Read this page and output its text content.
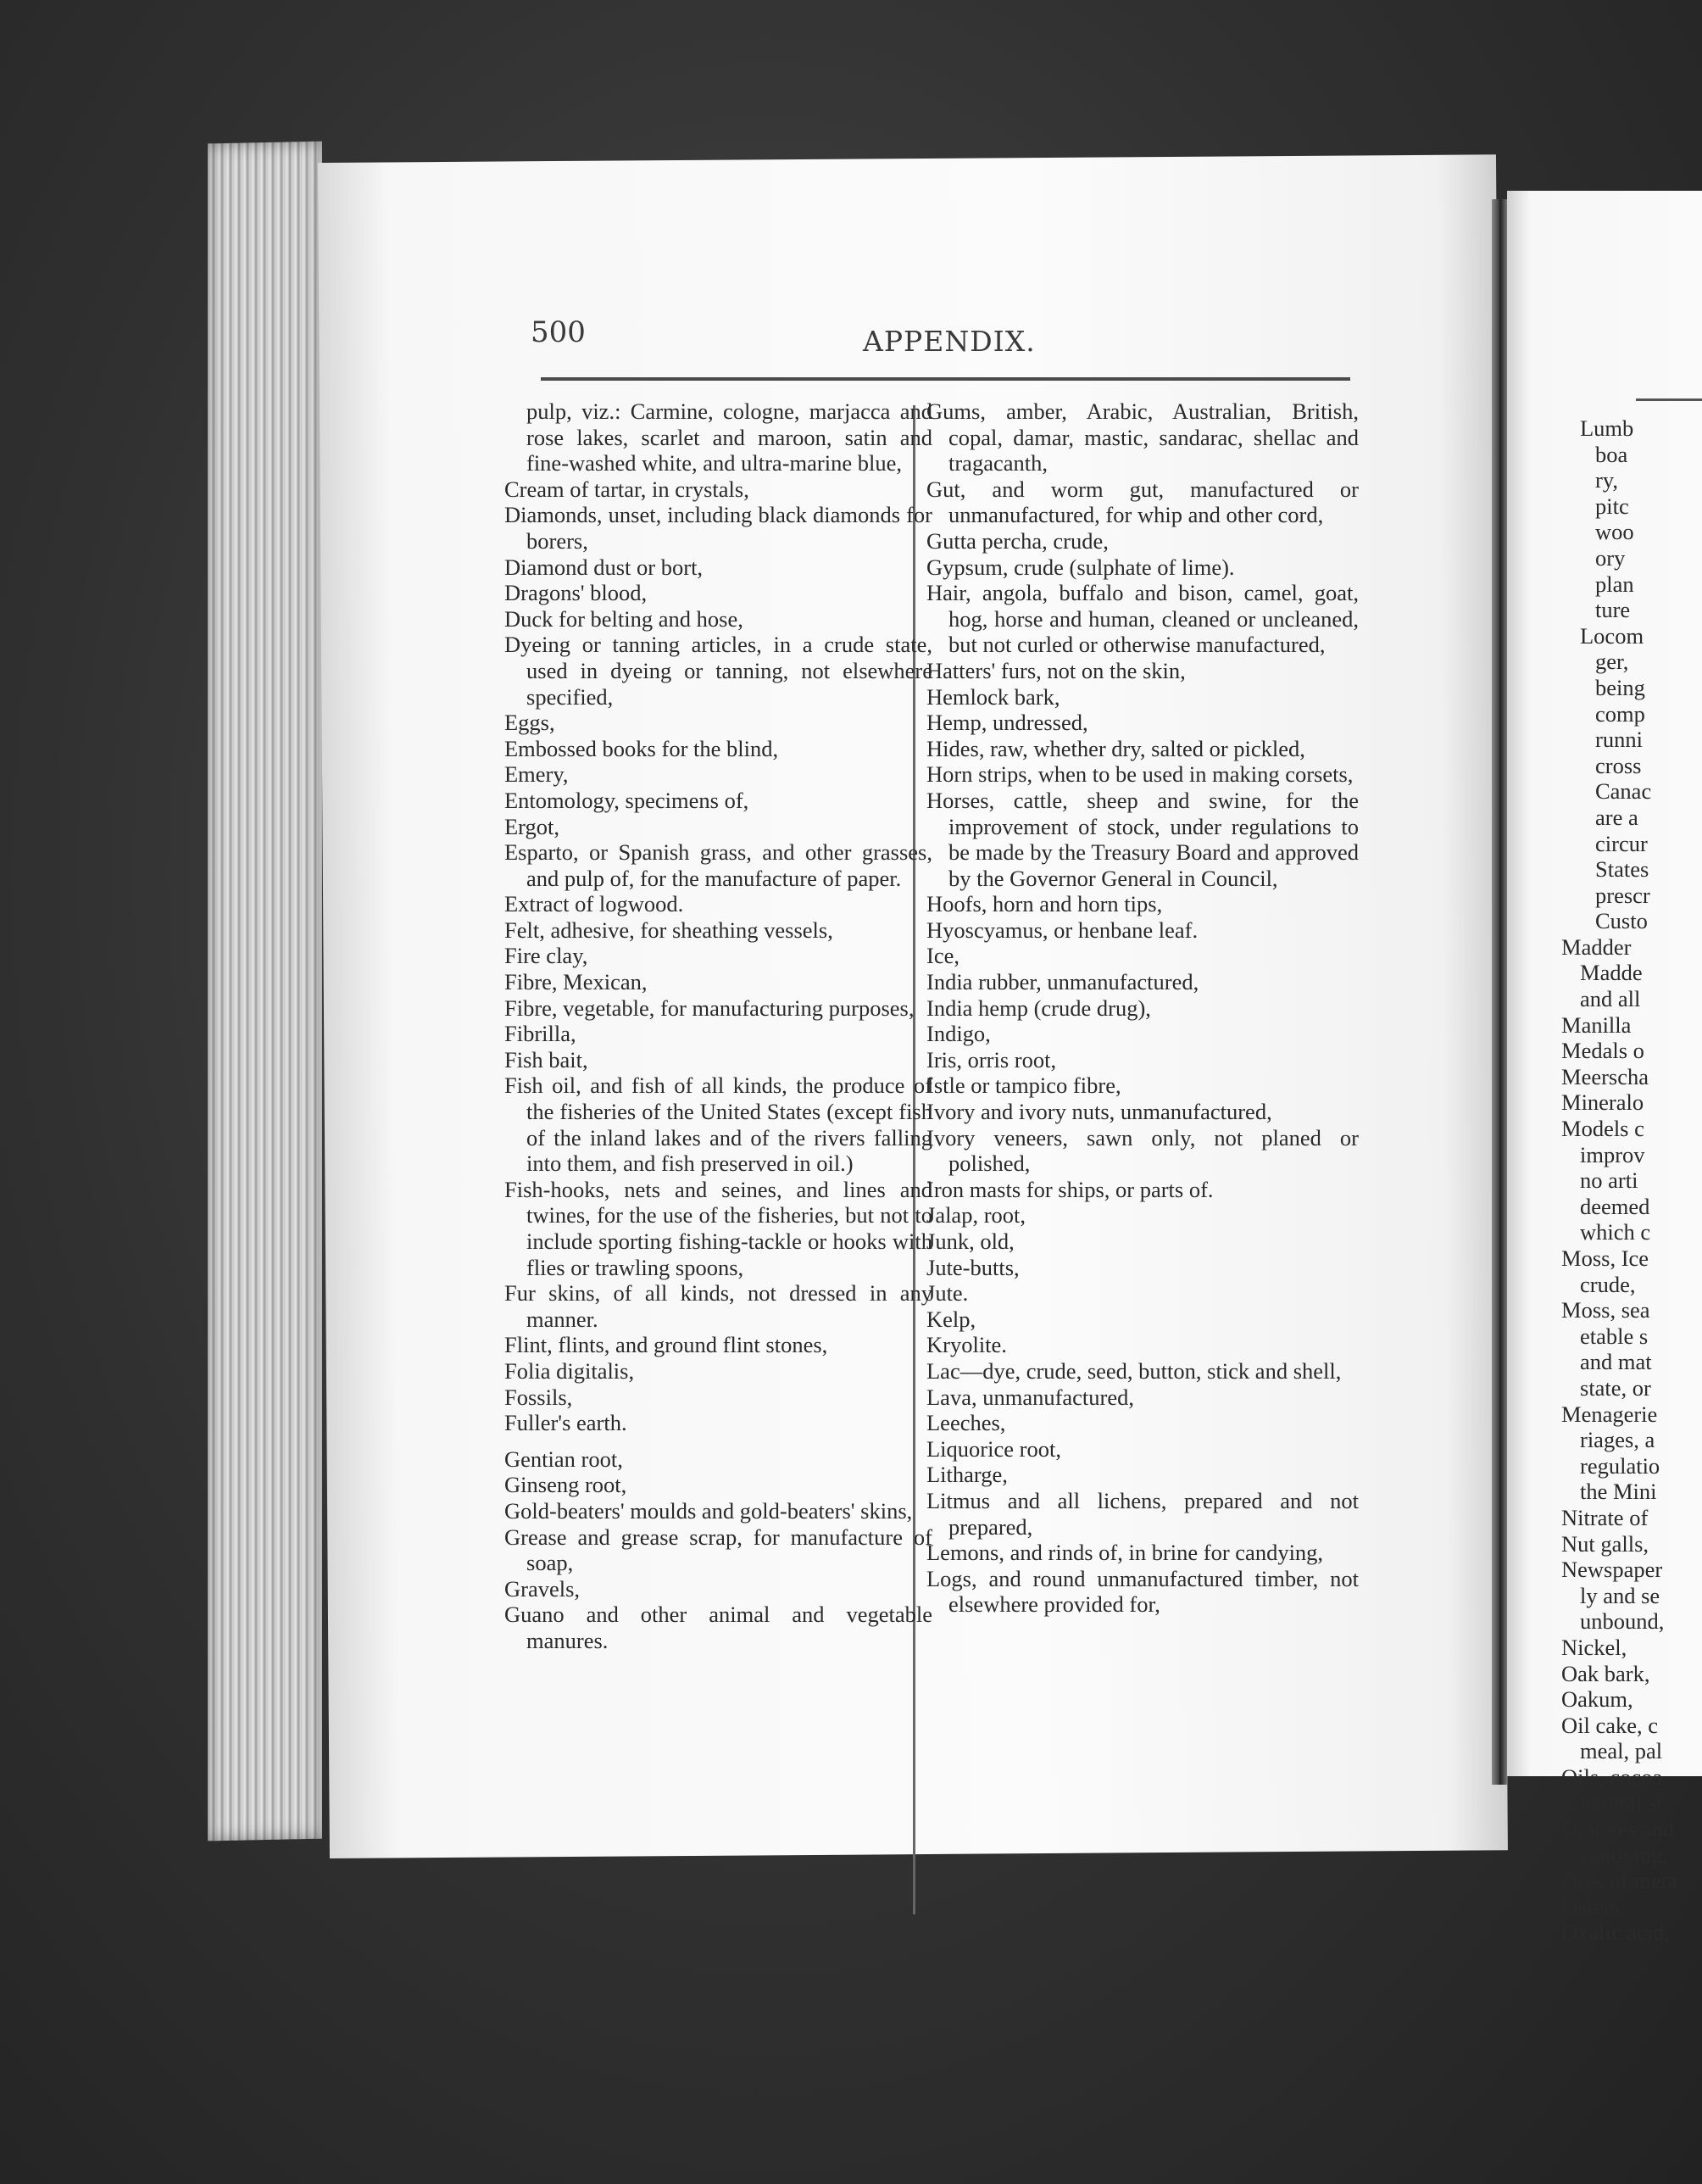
500	APPENDIX.

pulp, viz.: Carmine, cologne, marjacca and rose lakes, scarlet and maroon, satin and fine-washed white, and ultra-marine blue,

Cream of tartar, in crystals,

Diamonds, unset, including black diamonds for borers,

Diamond dust or bort,

Dragons' blood,

Duck for belting and hose,

Dyeing or tanning articles, in a crude state, used in dyeing or tanning, not elsewhere specified,

Eggs,

Embossed books for the blind,

Emery,

Entomology, specimens of,

Ergot,

Esparto, or Spanish grass, and other grasses, and pulp of, for the manufacture of paper.

Extract of logwood.

Felt, adhesive, for sheathing vessels,

Fire clay,

Fibre, Mexican,

Fibre, vegetable, for manufacturing purposes,

Fibrilla,

Fish bait,

Fish oil, and fish of all kinds, the produce of the fisheries of the United States (except fish of the inland lakes and of the rivers falling into them, and fish preserved in oil.)

Fish-hooks, nets and seines, and lines and twines, for the use of the fisheries, but not to include sporting fishing-tackle or hooks with flies or trawling spoons,

Fur skins, of all kinds, not dressed in any manner.

Flint, flints, and ground flint stones,

Folia digitalis,

Fossils,

Fuller's earth.

Gentian root,

Ginseng root,

Gold-beaters' moulds and gold-beaters' skins,

Grease and grease scrap, for manufacture of soap,

Gravels,

Guano and other animal and vegetable manures.

Gums, amber, Arabic, Australian, British, copal, damar, mastic, sandarac, shellac and tragacanth,

Gut, and worm gut, manufactured or unmanufactured, for whip and other cord,

Gutta percha, crude,

Gypsum, crude (sulphate of lime).

Hair, angola, buffalo and bison, camel, goat, hog, horse and human, cleaned or uncleaned, but not curled or otherwise manufactured,

Hatters' furs, not on the skin,

Hemlock bark,

Hemp, undressed,

Hides, raw, whether dry, salted or pickled,

Horn strips, when to be used in making corsets,

Horses, cattle, sheep and swine, for the improvement of stock, under regulations to be made by the Treasury Board and approved by the Governor General in Council,

Hoofs, horn and horn tips,

Hyoscyamus, or henbane leaf.

Ice,

India rubber, unmanufactured,

India hemp (crude drug),

Indigo,

Iris, orris root,

Istle or tampico fibre,

Ivory and ivory nuts, unmanufactured,

Ivory veneers, sawn only, not planed or polished,

Iron masts for ships, or parts of.

Jalap, root,

Junk, old,

Jute-butts,

Jute.

Kelp,

Kryolite.

Lac—dye, crude, seed, button, stick and shell,

Lava, unmanufactured,

Leeches,

Liquorice root,

Litharge,

Litmus and all lichens, prepared and not prepared,

Lemons, and rinds of, in brine for candying,

Logs, and round unmanufactured timber, not elsewhere provided for,

Lumb

boa

ry,

pitc

woo

ory

plan

ture

Locom

ger,

being

comp

runni

cross

Canac

are a

circur

States

prescr

Custo

Madder

Madde

and all

Manilla

Medals o

Meerscha

Mineralo

Models c

improv

no arti

deemed

which c

Moss, Ice

crude,

Moss, sea

etable s

and mat

state, or

Menagerie

riages, a

regulatio

the Mini

Nitrate of

Nut galls,

Newspaper

ly and se

unbound,

Nickel,

Oak bark,

Oakum,

Oil cake, c

meal, pal

Oils, cocoa

natural st

Oranges and

candying,

Ores of meta

Osiers,

Oxalic acid,
